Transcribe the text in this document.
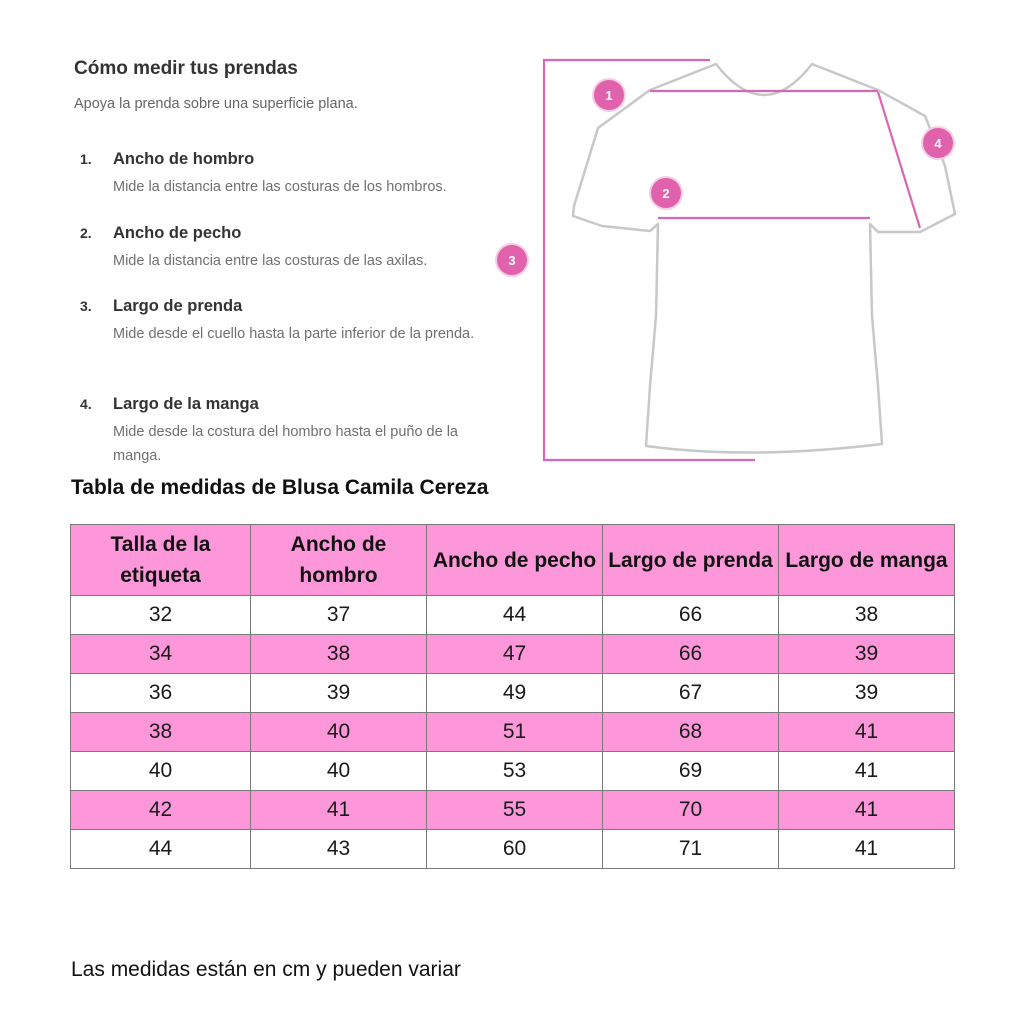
Cómo medir tus prendas
Apoya la prenda sobre una superficie plana.
1. Ancho de hombro
Mide la distancia entre las costuras de los hombros.
2. Ancho de pecho
Mide la distancia entre las costuras de las axilas.
3. Largo de prenda
Mide desde el cuello hasta la parte inferior de la prenda.
4. Largo de la manga
Mide desde la costura del hombro hasta el puño de la manga.
1
2
3
4
Tabla de medidas de Blusa Camila Cereza
Talla de la etiqueta	Ancho de hombro	Ancho de pecho	Largo de prenda	Largo de manga
32	37	44	66	38
34	38	47	66	39
36	39	49	67	39
38	40	51	68	41
40	40	53	69	41
42	41	55	70	41
44	43	60	71	41
Las medidas están en cm y pueden variar
